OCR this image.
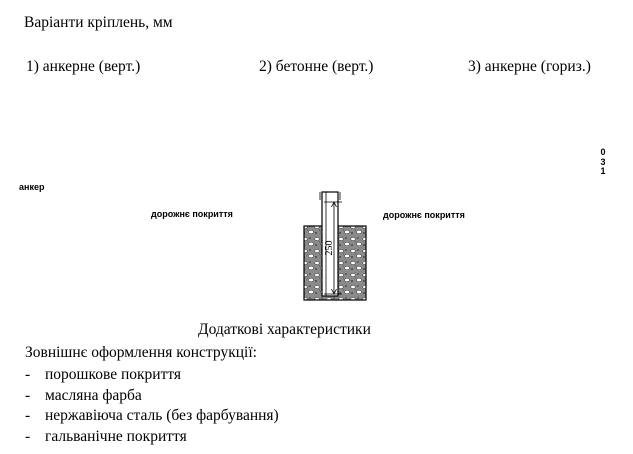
Варіанти кріплень, мм
1) анкерне (верт.)	2) бетонне (верт.)	3) анкерне (гориз.)
анкер
дорожнє покриття	дорожнє покриття
0
3
1
250
Додаткові характеристики
Зовнішнє оформлення конструкції:
- порошкове покриття
- масляна фарба
- нержавіюча сталь (без фарбування)
- гальванічне покриття
